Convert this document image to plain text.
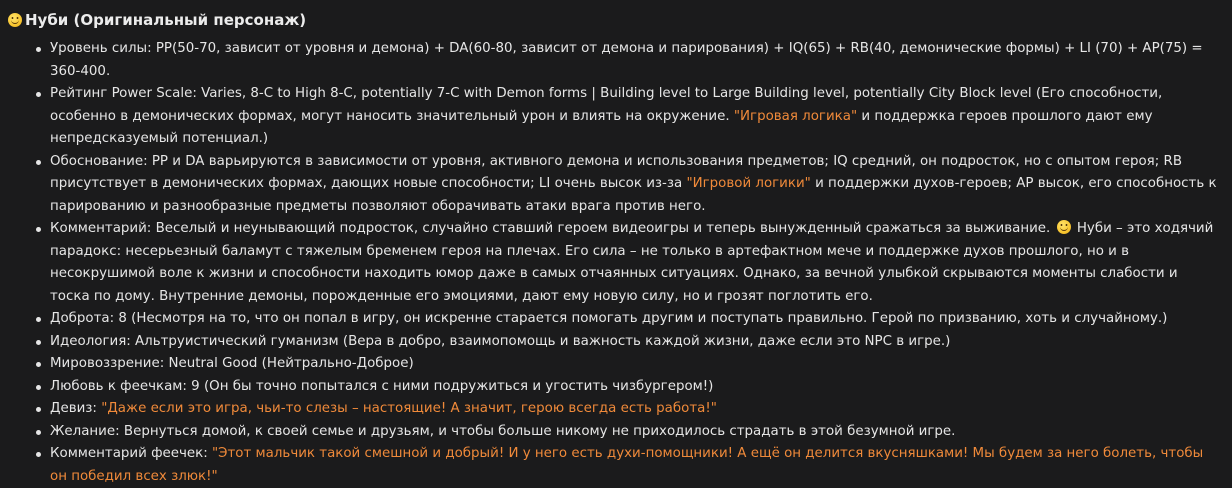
Нуби (Оригинальный персонаж)
Уровень силы: PP(50-70, зависит от уровня и демона) + DA(60-80, зависит от демона и парирования) + IQ(65) + RB(40, демонические формы) + LI (70) + AP(75) = 360-400.
Рейтинг Power Scale: Varies, 8-C to High 8-C, potentially 7-C with Demon forms | Building level to Large Building level, potentially City Block level (Его способности, особенно в демонических формах, могут наносить значительный урон и влиять на окружение. "Игровая логика" и поддержка героев прошлого дают ему непредсказуемый потенциал.)
Обоснование: PP и DA варьируются в зависимости от уровня, активного демона и использования предметов; IQ средний, он подросток, но с опытом героя; RB присутствует в демонических формах, дающих новые способности; LI очень высок из-за "Игровой логики" и поддержки духов-героев; AP высок, его способность к парированию и разнообразные предметы позволяют оборачивать атаки врага против него.
Комментарий: Веселый и неунывающий подросток, случайно ставший героем видеоигры и теперь вынужденный сражаться за выживание.  Нуби – это ходячий парадокс: несерьезный баламут с тяжелым бременем героя на плечах. Его сила – не только в артефактном мече и поддержке духов прошлого, но и в несокрушимой воле к жизни и способности находить юмор даже в самых отчаянных ситуациях. Однако, за вечной улыбкой скрываются моменты слабости и тоска по дому. Внутренние демоны, порожденные его эмоциями, дают ему новую силу, но и грозят поглотить его.
Доброта: 8 (Несмотря на то, что он попал в игру, он искренне старается помогать другим и поступать правильно. Герой по призванию, хоть и случайному.)
Идеология: Альтруистический гуманизм (Вера в добро, взаимопомощь и важность каждой жизни, даже если это NPC в игре.)
Мировоззрение: Neutral Good (Нейтрально-Доброе)
Любовь к феечкам: 9 (Он бы точно попытался с ними подружиться и угостить чизбургером!)
Девиз: "Даже если это игра, чьи-то слезы – настоящие! А значит, герою всегда есть работа!"
Желание: Вернуться домой, к своей семье и друзьям, и чтобы больше никому не приходилось страдать в этой безумной игре.
Комментарий феечек: "Этот мальчик такой смешной и добрый! И у него есть духи-помощники! А ещё он делится вкусняшками! Мы будем за него болеть, чтобы он победил всех злюк!"
